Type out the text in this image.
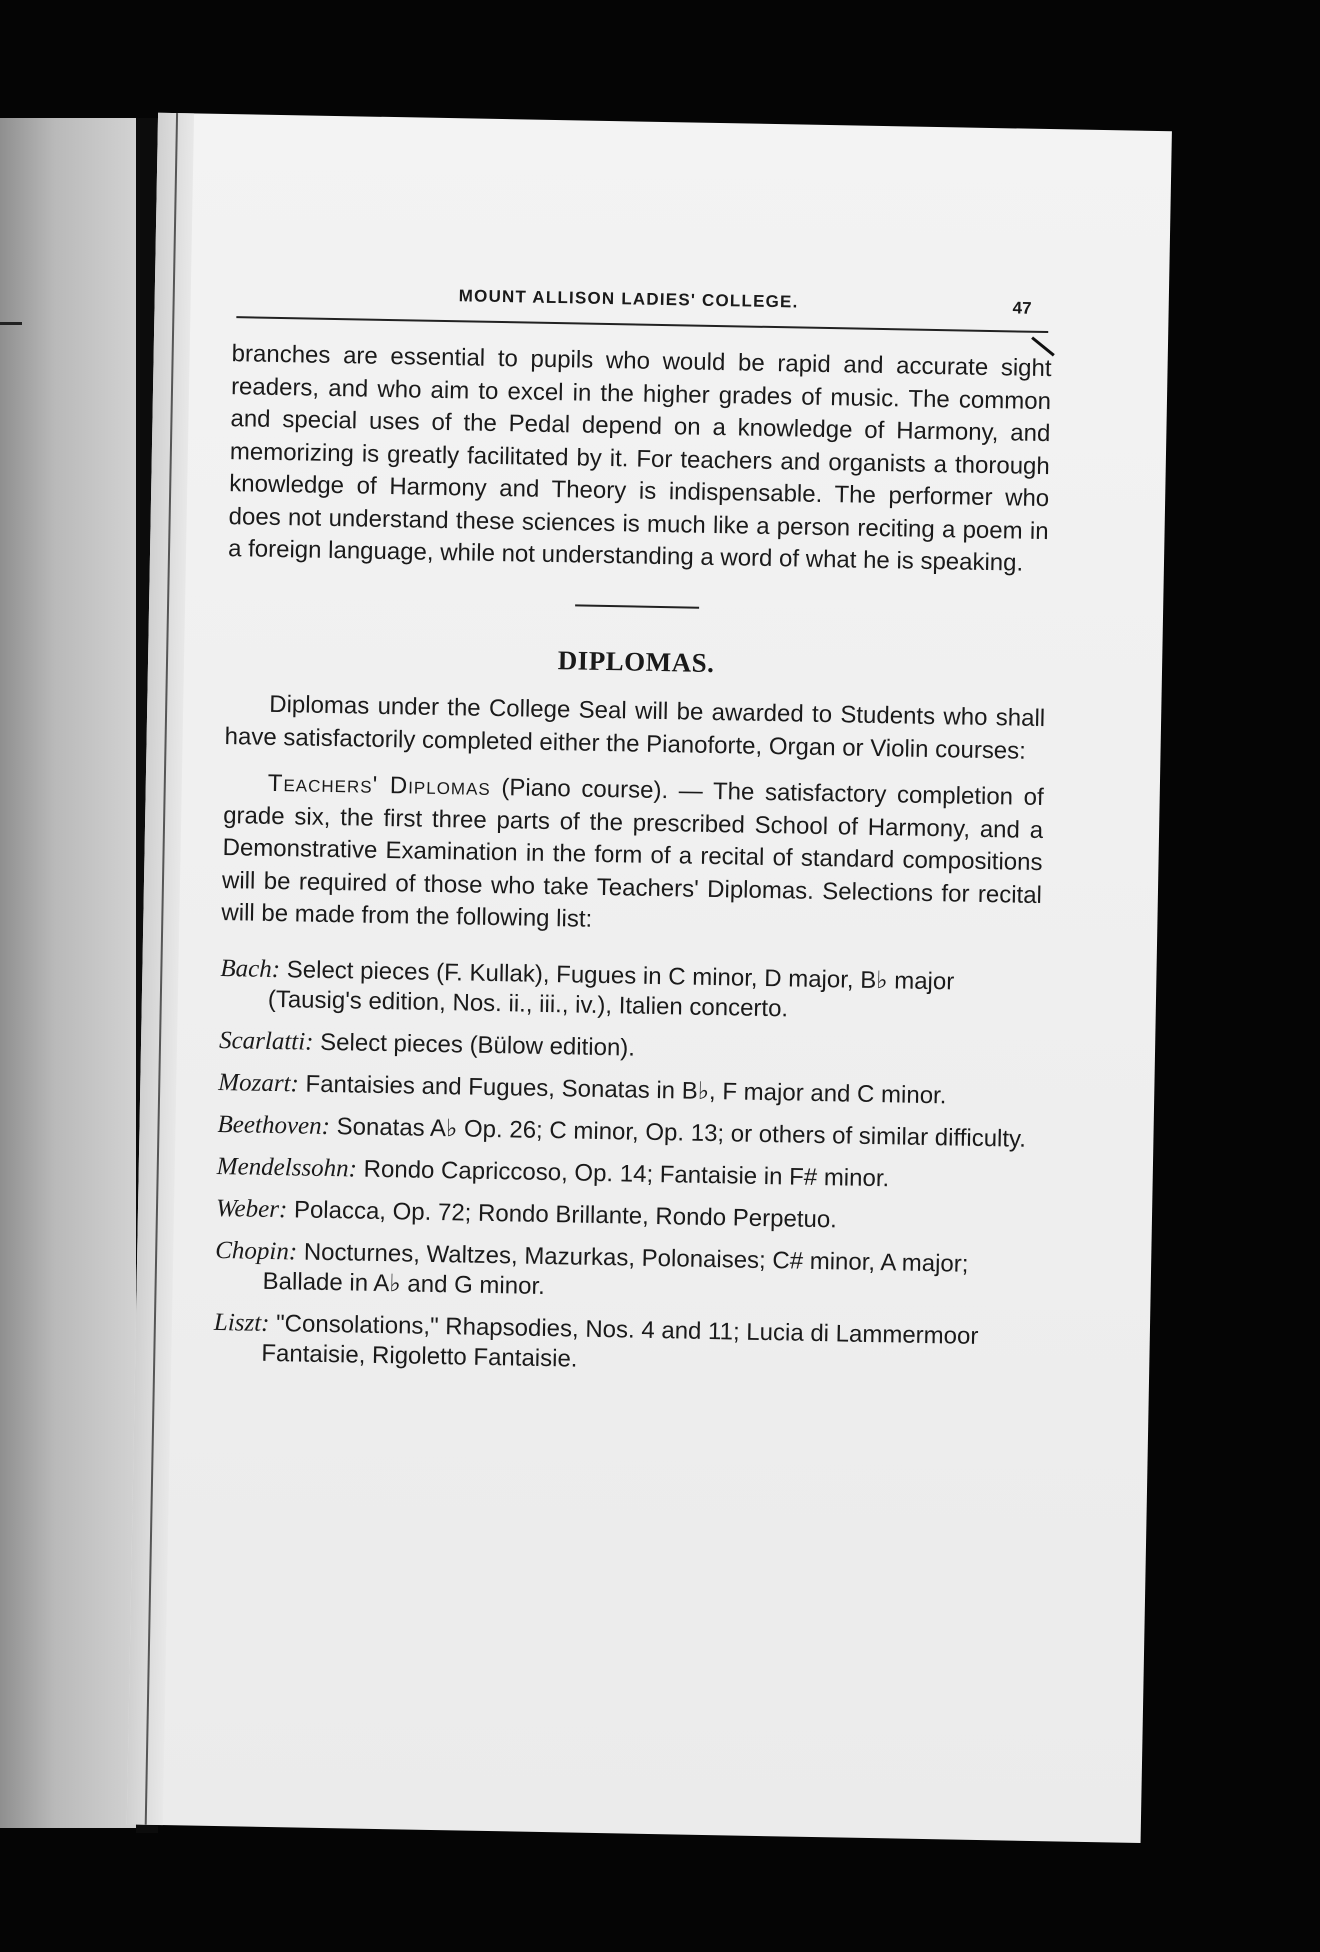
MOUNT ALLISON LADIES' COLLEGE.	47

branches are essential to pupils who would be rapid and accurate sight readers, and who aim to excel in the higher grades of music. The common and special uses of the Pedal depend on a knowledge of Harmony, and memorizing is greatly facilitated by it. For teachers and organists a thorough knowledge of Harmony and Theory is indispensable. The performer who does not understand these sciences is much like a person reciting a poem in a foreign language, while not understanding a word of what he is speaking.

DIPLOMAS.

Diplomas under the College Seal will be awarded to Students who shall have satisfactorily completed either the Pianoforte, Organ or Violin courses:

Teachers' Diplomas (Piano course). — The satisfactory completion of grade six, the first three parts of the prescribed School of Harmony, and a Demonstrative Examination in the form of a recital of standard compositions will be required of those who take Teachers' Diplomas. Selections for recital will be made from the following list:

Bach: Select pieces (F. Kullak), Fugues in C minor, D major, B♭ major (Tausig's edition, Nos. ii., iii., iv.), Italien concerto.

Scarlatti: Select pieces (Bülow edition).

Mozart: Fantaisies and Fugues, Sonatas in B♭, F major and C minor.

Beethoven: Sonatas A♭ Op. 26; C minor, Op. 13; or others of similar difficulty.

Mendelssohn: Rondo Capriccoso, Op. 14; Fantaisie in F# minor.

Weber: Polacca, Op. 72; Rondo Brillante, Rondo Perpetuo.

Chopin: Nocturnes, Waltzes, Mazurkas, Polonaises; C# minor, A major; Ballade in A♭ and G minor.

Liszt: "Consolations," Rhapsodies, Nos. 4 and 11; Lucia di Lammermoor Fantaisie, Rigoletto Fantaisie.
